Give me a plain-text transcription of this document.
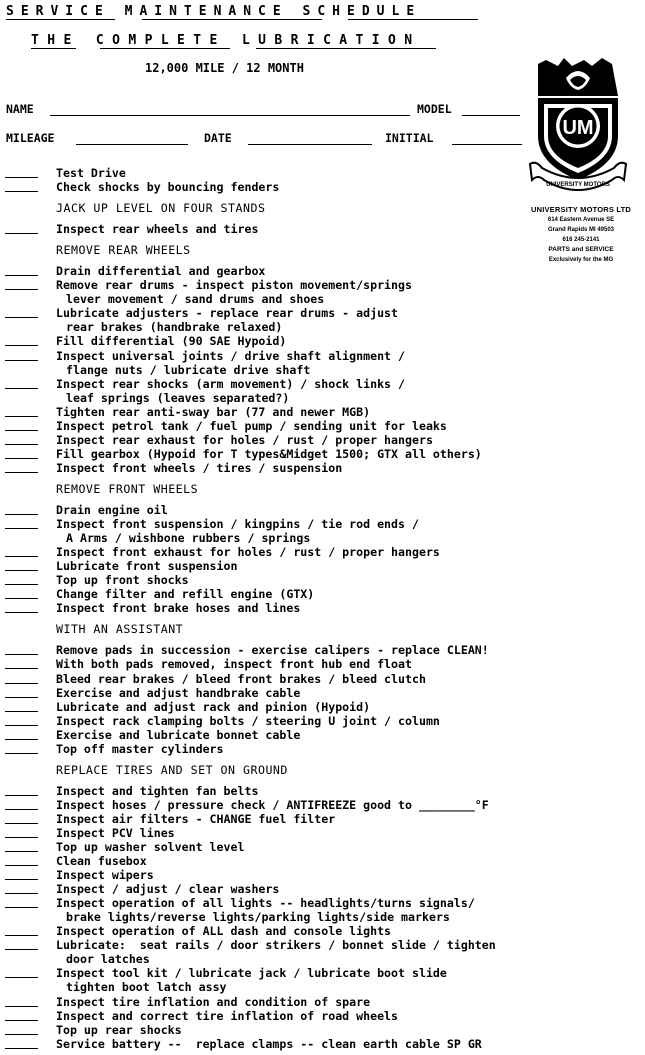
SERVICE MAINTENANCE SCHEDULE
THE COMPLETE LUBRICATION
12,000 MILE / 12 MONTH
NAME	MODEL
MILEAGE	DATE	INITIAL	UM
UNIVERSITY MOTORS
UNIVERSITY MOTORS LTD
614 Eastern Avenue SE
Grand Rapids MI 49503
616 245-2141
PARTS and SERVICE
Exclusively for the MG
Test Drive
Check shocks by bouncing fenders
JACK UP LEVEL ON FOUR STANDS
Inspect rear wheels and tires
REMOVE REAR WHEELS
Drain differential and gearbox
Remove rear drums - inspect piston movement/springs
lever movement / sand drums and shoes
Lubricate adjusters - replace rear drums - adjust
rear brakes (handbrake relaxed)
Fill differential (90 SAE Hypoid)
Inspect universal joints / drive shaft alignment /
flange nuts / lubricate drive shaft
Inspect rear shocks (arm movement) / shock links /
leaf springs (leaves separated?)
Tighten rear anti-sway bar (77 and newer MGB)
Inspect petrol tank / fuel pump / sending unit for leaks
Inspect rear exhaust for holes / rust / proper hangers
Fill gearbox (Hypoid for T types&Midget 1500; GTX all others)
Inspect front wheels / tires / suspension
REMOVE FRONT WHEELS
Drain engine oil
Inspect front suspension / kingpins / tie rod ends /
A Arms / wishbone rubbers / springs
Inspect front exhaust for holes / rust / proper hangers
Lubricate front suspension
Top up front shocks
Change filter and refill engine (GTX)
Inspect front brake hoses and lines
WITH AN ASSISTANT
Remove pads in succession - exercise calipers - replace CLEAN!
With both pads removed, inspect front hub end float
Bleed rear brakes / bleed front brakes / bleed clutch
Exercise and adjust handbrake cable
Lubricate and adjust rack and pinion (Hypoid)
Inspect rack clamping bolts / steering U joint / column
Exercise and lubricate bonnet cable
Top off master cylinders
REPLACE TIRES AND SET ON GROUND
Inspect and tighten fan belts
Inspect hoses / pressure check / ANTIFREEZE good to ________°F
Inspect air filters - CHANGE fuel filter
Inspect PCV lines
Top up washer solvent level
Clean fusebox
Inspect wipers
Inspect / adjust / clear washers
Inspect operation of all lights -- headlights/turns signals/
brake lights/reverse lights/parking lights/side markers
Inspect operation of ALL dash and console lights
Lubricate:  seat rails / door strikers / bonnet slide / tighten
door latches
Inspect tool kit / lubricate jack / lubricate boot slide
tighten boot latch assy
Inspect tire inflation and condition of spare
Inspect and correct tire inflation of road wheels
Top up rear shocks
Service battery --  replace clamps -- clean earth cable SP GR
